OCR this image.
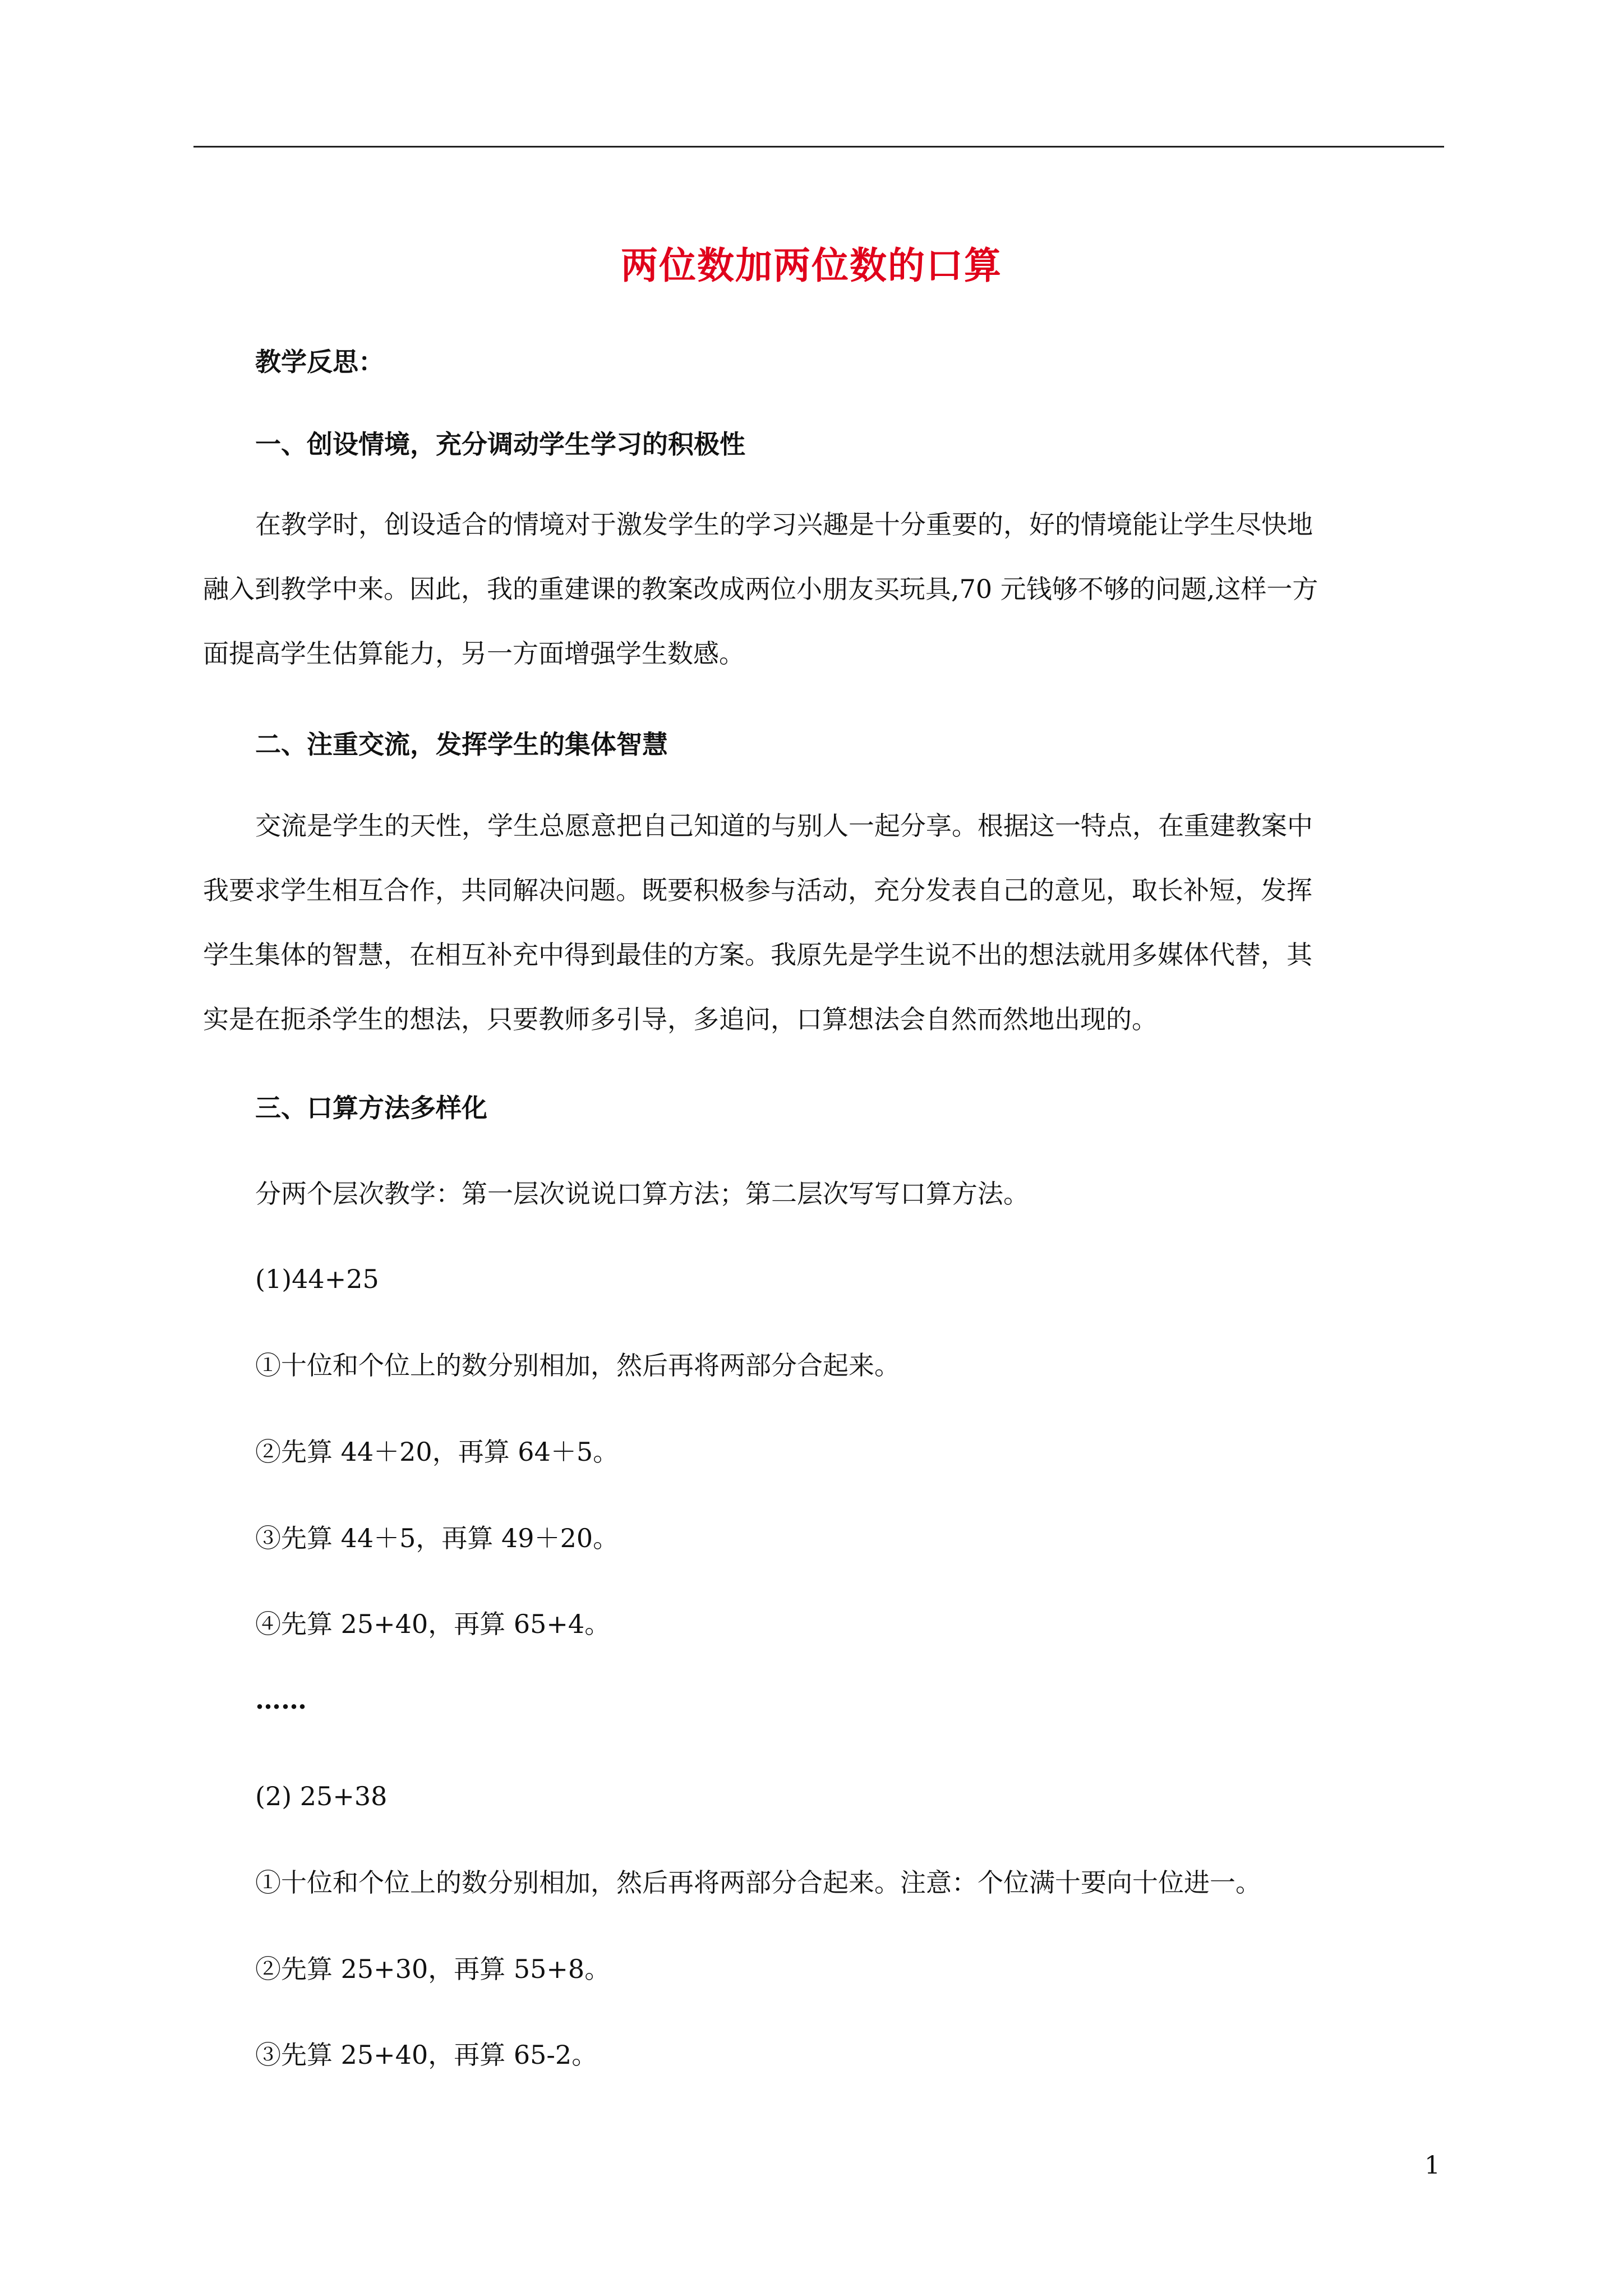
两位数加两位数的口算
教学反思：
一、创设情境，充分调动学生学习的积极性
在教学时，创设适合的情境对于激发学生的学习兴趣是十分重要的，好的情境能让学生尽快地
融入到教学中来。因此，我的重建课的教案改成两位小朋友买玩具,70 元钱够不够的问题,这样一方
面提高学生估算能力，另一方面增强学生数感。
二、注重交流，发挥学生的集体智慧
交流是学生的天性，学生总愿意把自己知道的与别人一起分享。根据这一特点，在重建教案中
我要求学生相互合作，共同解决问题。既要积极参与活动，充分发表自己的意见，取长补短，发挥
学生集体的智慧，在相互补充中得到最佳的方案。我原先是学生说不出的想法就用多媒体代替，其
实是在扼杀学生的想法，只要教师多引导，多追问，口算想法会自然而然地出现的。
三、口算方法多样化
分两个层次教学：第一层次说说口算方法；第二层次写写口算方法。
(1)44+25
①十位和个位上的数分别相加，然后再将两部分合起来。
②先算 44＋20，再算 64＋5。
③先算 44＋5，再算 49＋20。
④先算 25+40，再算 65+4。
……
(2) 25+38
①十位和个位上的数分别相加，然后再将两部分合起来。注意：个位满十要向十位进一。
②先算 25+30，再算 55+8。
③先算 25+40，再算 65-2。
1
